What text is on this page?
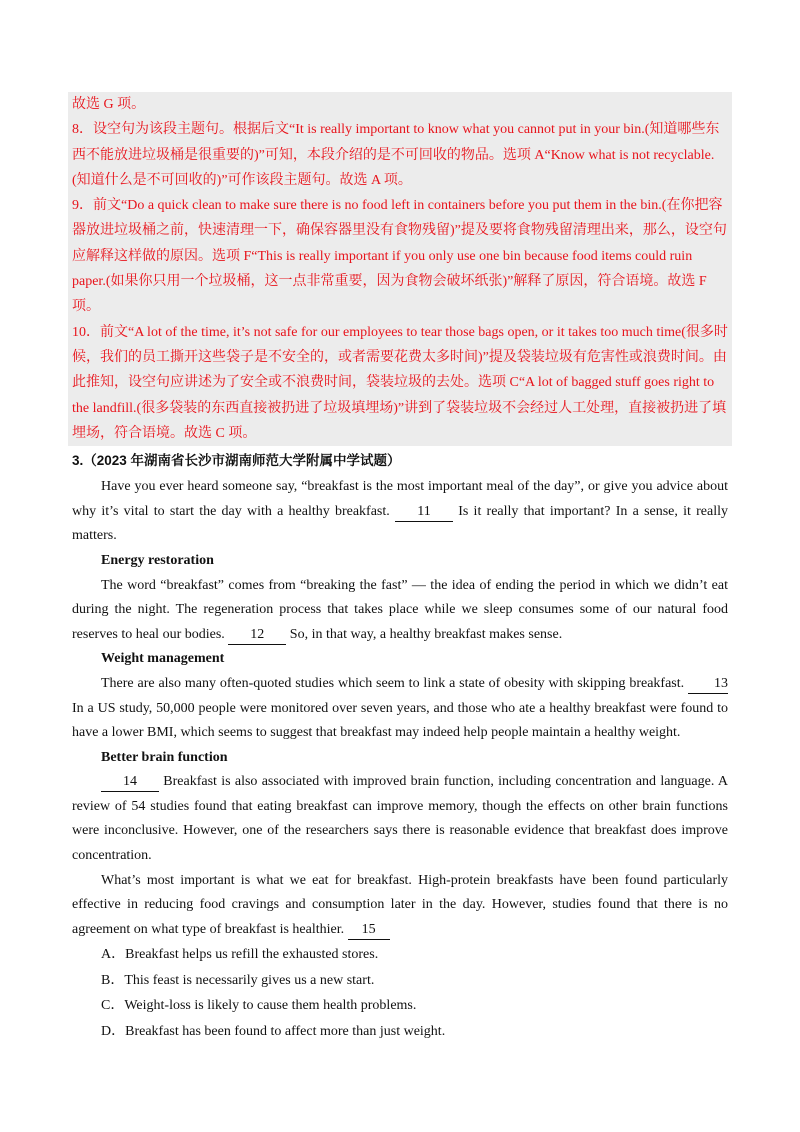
故选 G 项。

8．设空句为该段主题句。根据后文“It is really important to know what you cannot put in your bin.(知道哪些东西不能放进垃圾桶是很重要的)”可知，本段介绍的是不可回收的物品。选项 A“Know what is not recyclable.(知道什么是不可回收的)”可作该段主题句。故选 A 项。

9．前文“Do a quick clean to make sure there is no food left in containers before you put them in the bin.(在你把容器放进垃圾桶之前，快速清理一下，确保容器里没有食物残留)”提及要将食物残留清理出来，那么，设空句应解释这样做的原因。选项 F“This is really important if you only use one bin because food items could ruin paper.(如果你只用一个垃圾桶，这一点非常重要，因为食物会破坏纸张)”解释了原因，符合语境。故选 F 项。

10．前文“A lot of the time, it’s not safe for our employees to tear those bags open, or it takes too much time(很多时候，我们的员工撕开这些袋子是不安全的，或者需要花费太多时间)”提及袋装垃圾有危害性或浪费时间。由此推知，设空句应讲述为了安全或不浪费时间，袋装垃圾的去处。选项 C“A lot of bagged stuff goes right to the landfill.(很多袋装的东西直接被扔进了垃圾填埋场)”讲到了袋装垃圾不会经过人工处理，直接被扔进了填埋场，符合语境。故选 C 项。

3.（2023 年湖南省长沙市湖南师范大学附属中学试题）

Have you ever heard someone say, “breakfast is the most important meal of the day”, or give you advice about why it’s vital to start the day with a healthy breakfast. 11 Is it really that important? In a sense, it really matters.

Energy restoration

The word “breakfast” comes from “breaking the fast” — the idea of ending the period in which we didn’t eat during the night. The regeneration process that takes place while we sleep consumes some of our natural food reserves to heal our bodies. 12 So, in that way, a healthy breakfast makes sense.

Weight management

There are also many often-quoted studies which seem to link a state of obesity with skipping breakfast. 13 In a US study, 50,000 people were monitored over seven years, and those who ate a healthy breakfast were found to have a lower BMI, which seems to suggest that breakfast may indeed help people maintain a healthy weight.

Better brain function

14 Breakfast is also associated with improved brain function, including concentration and language. A review of 54 studies found that eating breakfast can improve memory, though the effects on other brain functions were inconclusive. However, one of the researchers says there is reasonable evidence that breakfast does improve concentration.

What’s most important is what we eat for breakfast. High-protein breakfasts have been found particularly effective in reducing food cravings and consumption later in the day. However, studies found that there is no agreement on what type of breakfast is healthier. 15

A．Breakfast helps us refill the exhausted stores.

B．This feast is necessarily gives us a new start.

C．Weight-loss is likely to cause them health problems.

D．Breakfast has been found to affect more than just weight.
